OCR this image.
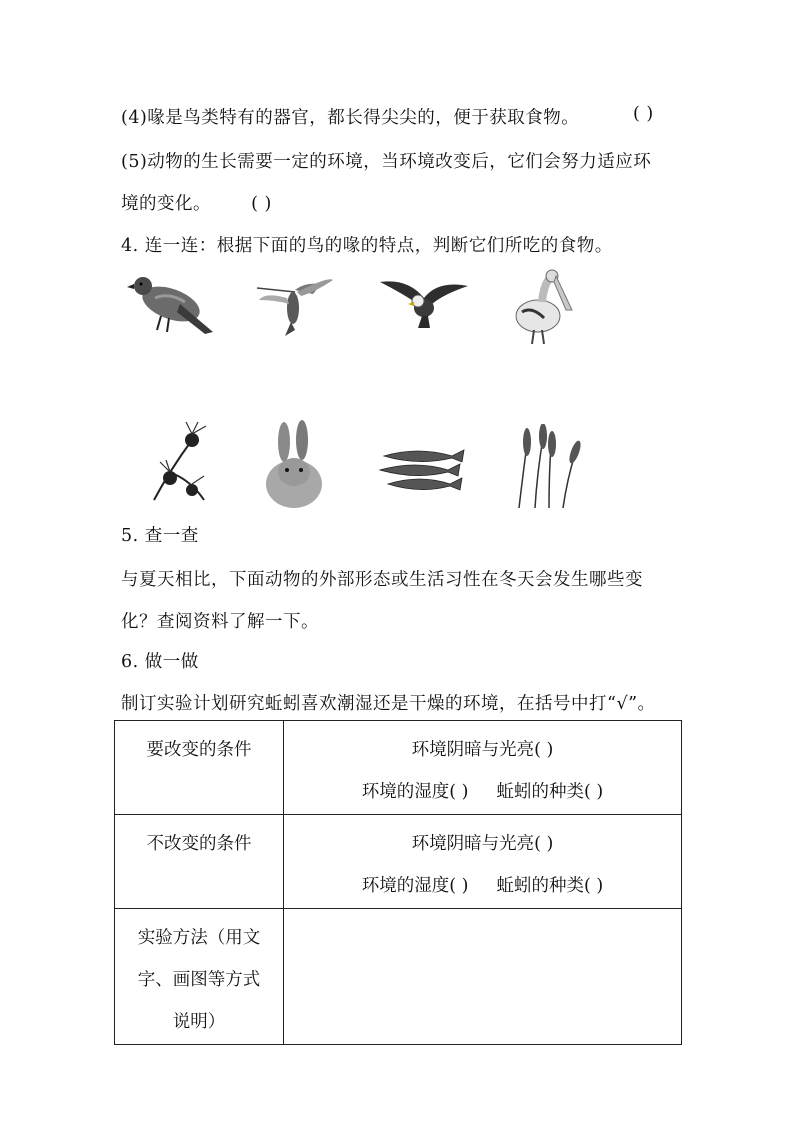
(4)喙是鸟类特有的器官，都长得尖尖的，便于获取食物。	( )
(5)动物的生长需要一定的环境，当环境改变后，它们会努力适应环
境的变化。 ( )
4. 连一连：根据下面的鸟的喙的特点，判断它们所吃的食物。
5. 查一查
与夏天相比，下面动物的外部形态或生活习性在冬天会发生哪些变
化？查阅资料了解一下。
6. 做一做
制订实验计划研究蚯蚓喜欢潮湿还是干燥的环境，在括号中打“√”。
要改变的条件	环境阴暗与光亮( )
环境的湿度( ) 蚯蚓的种类( )

不改变的条件	环境阴暗与光亮( )
环境的湿度( ) 蚯蚓的种类( )

实验方法（用文
字、画图等方式
说明）	
